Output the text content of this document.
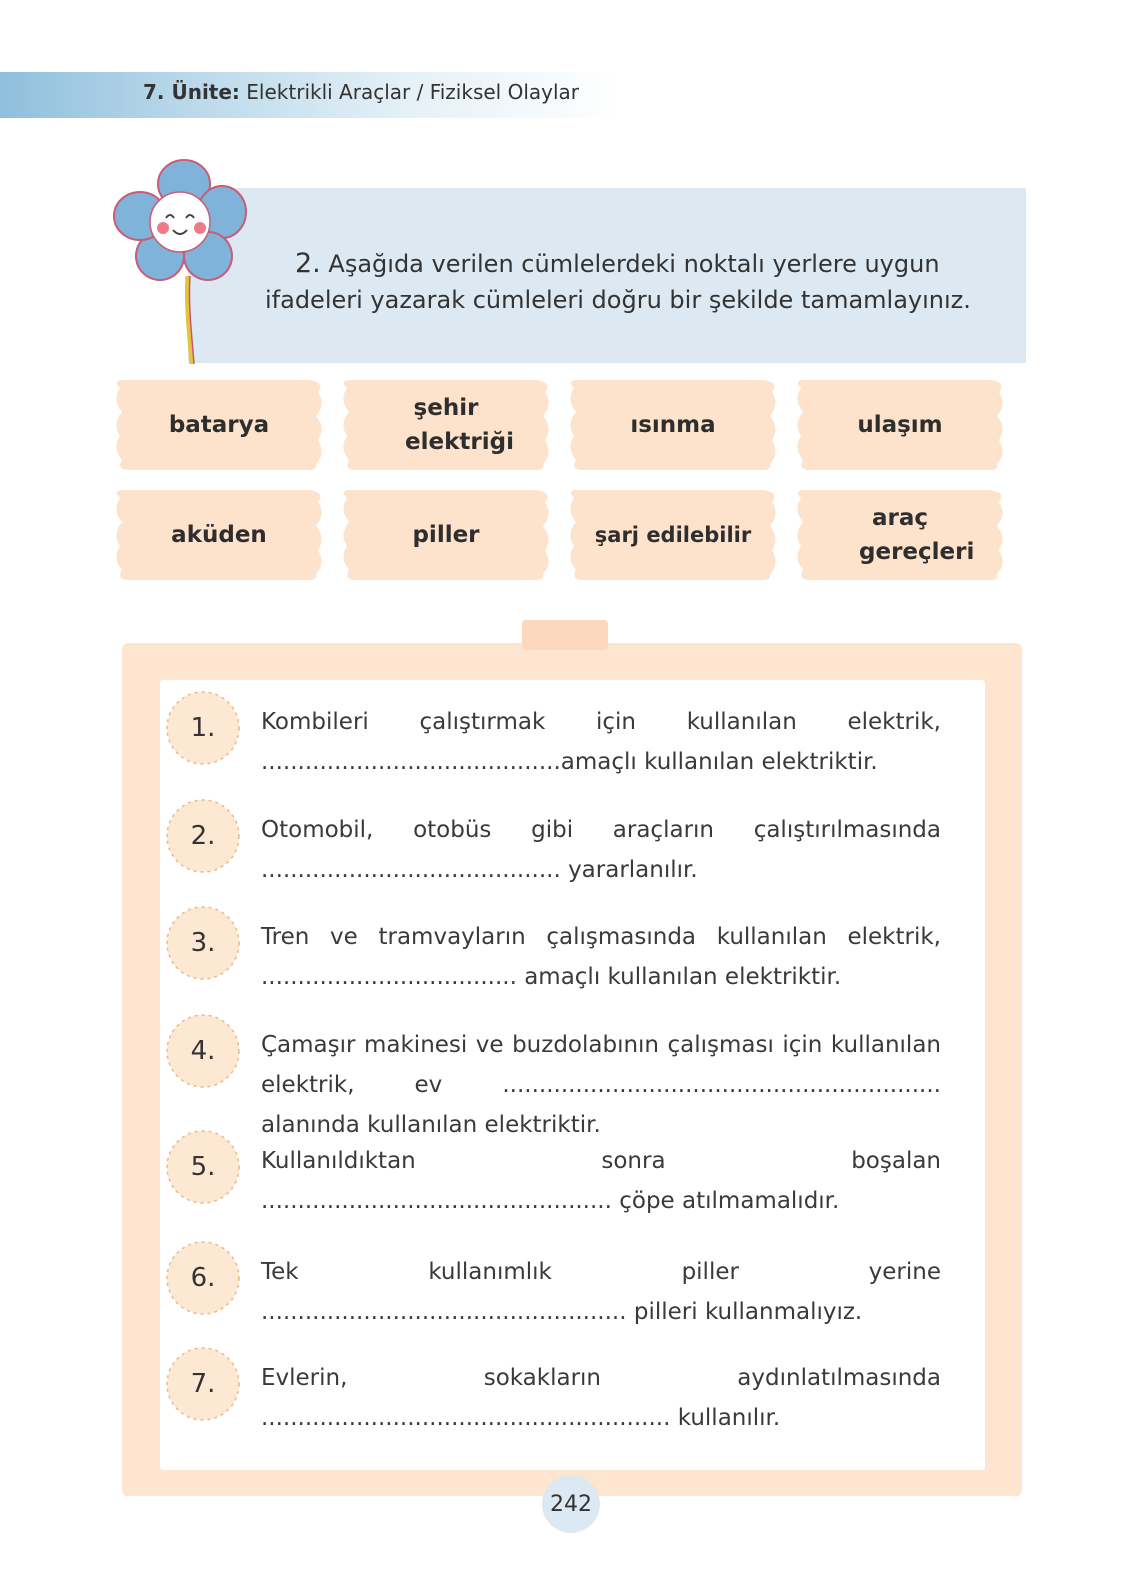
7. Ünite: Elektrikli Araçlar / Fiziksel Olaylar
2. Aşağıda verilen cümlelerdeki noktalı yerlere uygun ifadeleri yazarak cümleleri doğru bir şekilde tamamlayınız.
batarya
şehir elektriği
ısınma	ulaşım
aküden	piller	şarj edilebilir
araç gereçleri
1.	Kombileri çalıştırmak için kullanılan elektrik, .........................................amaçlı kullanılan elektriktir.
2.	Otomobil, otobüs gibi araçların çalıştırılmasında ......................................... yararlanılır.
3.	Tren ve tramvayların çalışmasında kullanılan elektrik, ................................... amaçlı kullanılan elektriktir.
4.	Çamaşır makinesi ve buzdolabının çalışması için kullanılan elektrik, ev ............................................................ alanında kullanılan elektriktir.
5.	Kullanıldıktan sonra boşalan ................................................ çöpe atılmamalıdır.
6.	Tek kullanımlık piller yerine .................................................. pilleri kullanmalıyız.
7.	Evlerin, sokakların aydınlatılmasında ........................................................ kullanılır.
242
